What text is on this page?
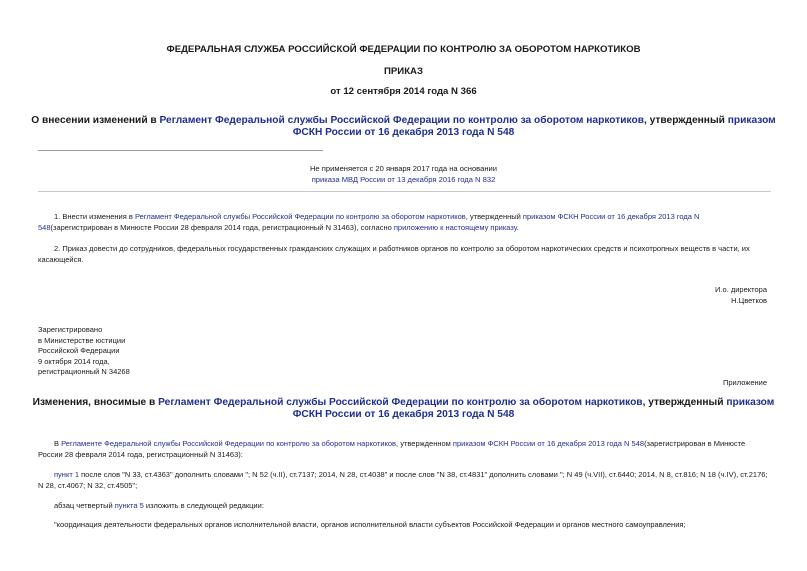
ФЕДЕРАЛЬНАЯ СЛУЖБА РОССИЙСКОЙ ФЕДЕРАЦИИ ПО КОНТРОЛЮ ЗА ОБОРОТОМ НАРКОТИКОВ
ПРИКАЗ
от 12 сентября 2014 года N 366
О внесении изменений в Регламент Федеральной службы Российской Федерации по контролю за оборотом наркотиков, утвержденный приказом ФСКН России от 16 декабря 2013 года N 548
Не применяется с 20 января 2017 года на основании
приказа МВД России от 13 декабря 2016 года N 832
1. Внести изменения в Регламент Федеральной службы Российской Федерации по контролю за оборотом наркотиков, утвержденный приказом ФСКН России от 16 декабря 2013 года N 548(зарегистрирован в Минюсте России 28 февраля 2014 года, регистрационный N 31463), согласно приложению к настоящему приказу.
2. Приказ довести до сотрудников, федеральных государственных гражданских служащих и работников органов по контролю за оборотом наркотических средств и психотропных веществ в части, их касающейся.
И.о. директора
Н.Цветков
Зарегистрировано
в Министерстве юстиции
Российской Федерации
9 октября 2014 года,
регистрационный N 34268
Приложение
Изменения, вносимые в Регламент Федеральной службы Российской Федерации по контролю за оборотом наркотиков, утвержденный приказом ФСКН России от 16 декабря 2013 года N 548
В Регламенте Федеральной службы Российской Федерации по контролю за оборотом наркотиков, утвержденном приказом ФСКН России от 16 декабря 2013 года N 548(зарегистрирован в Минюсте России 28 февраля 2014 года, регистрационный N 31463):
пункт 1 после слов "N 33, ст.4363" дополнить словами "; N 52 (ч.II), ст.7137; 2014, N 28, ст.4038" и после слов "N 38, ст.4831" дополнить словами "; N 49 (ч.VII), ст.6440; 2014, N 8, ст.816; N 18 (ч.IV), ст.2176; N 28, ст.4067; N 32, ст.4505";
абзац четвертый пункта 5 изложить в следующей редакции:
"координация деятельности федеральных органов исполнительной власти, органов исполнительной власти субъектов Российской Федерации и органов местного самоуправления;
